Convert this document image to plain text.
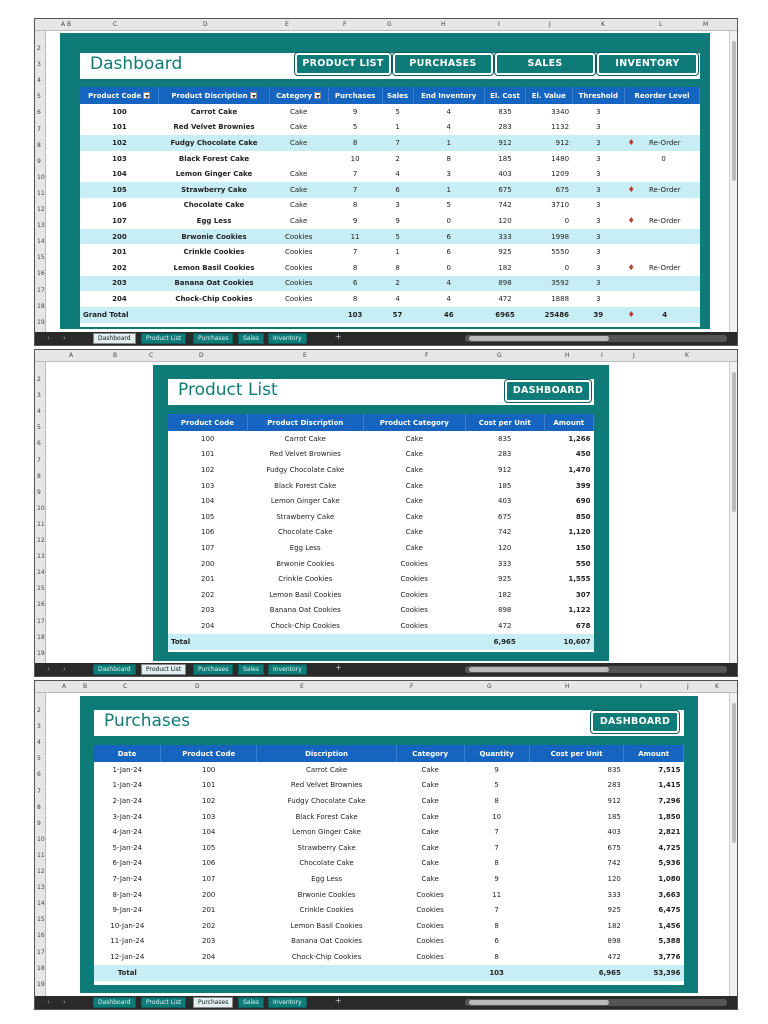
A B	C	D	E	F	G	H	I	J	K	L	M
2
3
4
5
6
7
8
9
10
11
12
13
14
15
16
17
18
19
Dashboard	PRODUCT LIST	PURCHASES	SALES	INVENTORY
Product Code	Product Discription	Category	Purchases	Sales	End Inventory	El. Cost	El. Value	Threshold	Reorder Level
100	Carrot Cake	Cake	9	5	4	835	3340	3	
101	Red Velvet Brownies	Cake	5	1	4	283	1132	3	
102	Fudgy Chocolate Cake	Cake	8	7	1	912	912	3	♦ Re-Order
103	Black Forest Cake		10	2	8	185	1480	3	0
104	Lemon Ginger Cake	Cake	7	4	3	403	1209	3	
105	Strawberry Cake	Cake	7	6	1	675	675	3	♦ Re-Order
106	Chocolate Cake	Cake	8	3	5	742	3710	3	
107	Egg Less	Cake	9	9	0	120	0	3	♦ Re-Order
200	Brwonie Cookies	Cookies	11	5	6	333	1998	3	
201	Crinkle Cookies	Cookies	7	1	6	925	5550	3	
202	Lemon Basil Cookies	Cookies	8	8	0	182	0	3	♦ Re-Order
203	Banana Oat Cookies	Cookies	6	2	4	898	3592	3	
204	Chock-Chip Cookies	Cookies	8	4	4	472	1888	3	
Grand Total			103	57	46	6965	25486	39	♦ 4
‹ ›	Dashboard	Product List	Purchases	Sales	Inventory	+
A	B	C	D	E	F	G	H	I	J	K
2
3
4
5
6
7
8
9
10
11
12
13
14
15
16
17
18
19
Product List	DASHBOARD
Product Code	Product Discription	Product Category	Cost per Unit	Amount
100	Carrot Cake	Cake	835	1,266
101	Red Velvet Brownies	Cake	283	450
102	Fudgy Chocolate Cake	Cake	912	1,470
103	Black Forest Cake	Cake	185	399
104	Lemon Ginger Cake	Cake	403	690
105	Strawberry Cake	Cake	675	850
106	Chocolate Cake	Cake	742	1,120
107	Egg Less	Cake	120	150
200	Brwonie Cookies	Cookies	333	550
201	Crinkle Cookies	Cookies	925	1,555
202	Lemon Basil Cookies	Cookies	182	307
203	Banana Oat Cookies	Cookies	898	1,122
204	Chock-Chip Cookies	Cookies	472	678
Total			6,965	10,607
‹ ›	Dashboard	Product List	Purchases	Sales	Inventory	+
A	B	C	D	E	F	G	H	I	J	K
2
3
4
5
6
7
8
9
10
11
12
13
14
15
16
17
18
19
Purchases	DASHBOARD
Date	Product Code	Discription	Category	Quantity	Cost per Unit	Amount
1-Jan-24	100	Carrot Cake	Cake	9	835	7,515
1-Jan-24	101	Red Velvet Brownies	Cake	5	283	1,415
2-Jan-24	102	Fudgy Chocolate Cake	Cake	8	912	7,296
3-Jan-24	103	Black Forest Cake	Cake	10	185	1,850
4-Jan-24	104	Lemon Ginger Cake	Cake	7	403	2,821
5-Jan-24	105	Strawberry Cake	Cake	7	675	4,725
6-Jan-24	106	Chocolate Cake	Cake	8	742	5,936
7-Jan-24	107	Egg Less	Cake	9	120	1,080
8-Jan-24	200	Brwonie Cookies	Cookies	11	333	3,663
9-Jan-24	201	Crinkle Cookies	Cookies	7	925	6,475
10-Jan-24	202	Lemon Basil Cookies	Cookies	8	182	1,456
11-Jan-24	203	Banana Oat Cookies	Cookies	6	898	5,388
12-Jan-24	204	Chock-Chip Cookies	Cookies	8	472	3,776
Total				103	6,965	53,396
‹ ›	Dashboard	Product List	Purchases	Sales	Inventory	+
